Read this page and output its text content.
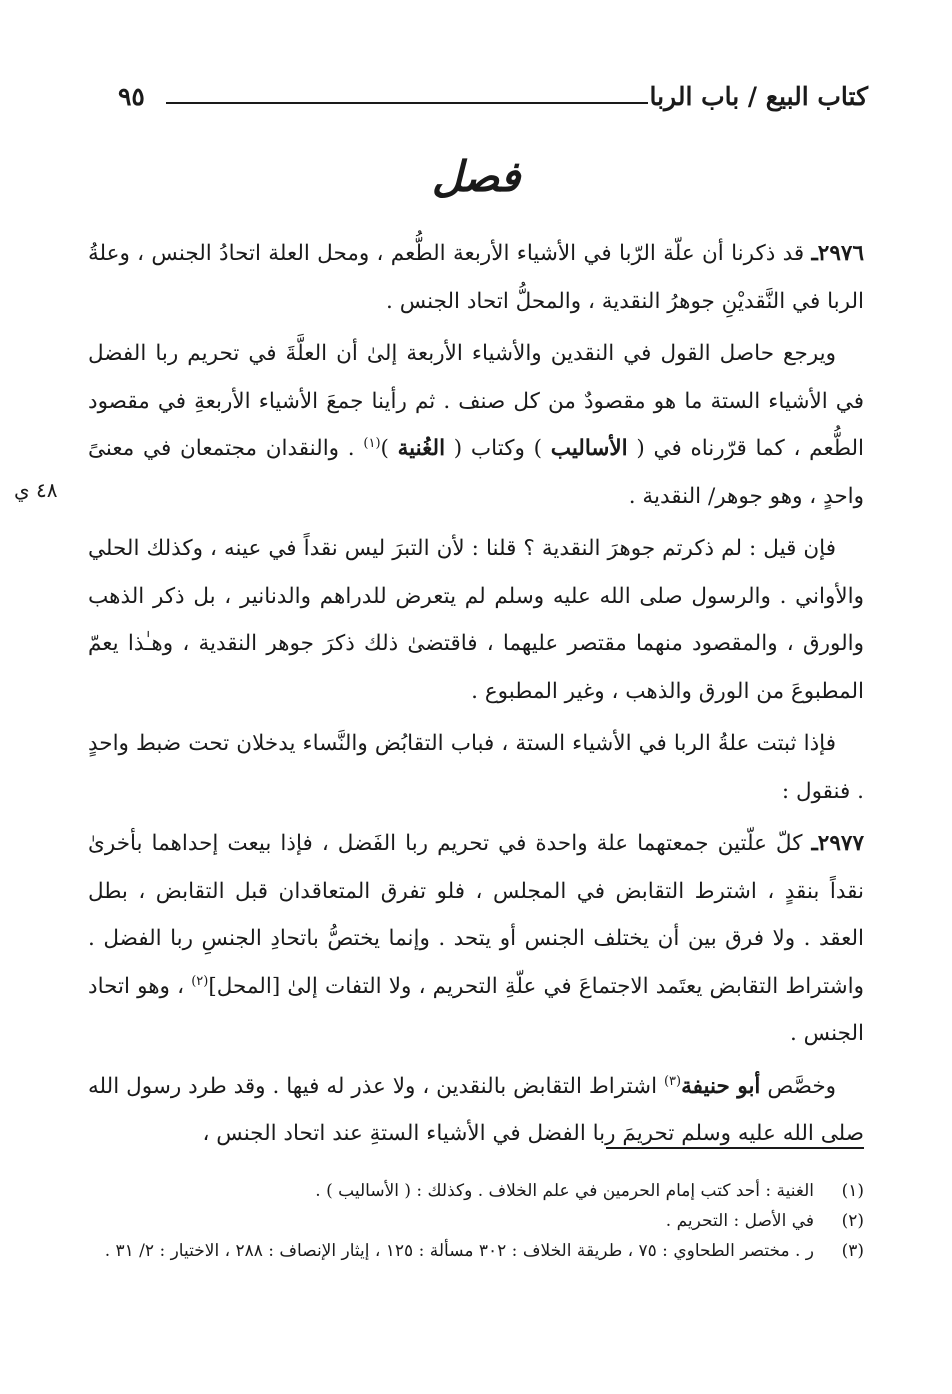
كتاب البيع / باب الربا
٩٥
فصل
٤٨ ي

٢٩٧٦ـ قد ذكرنا أن علّة الرّبا في الأشياء الأربعة الطُّعم ، ومحل العلة اتحادُ الجنس ، وعلةُ الربا في النَّقديْنِ جوهرُ النقدية ، والمحلُّ اتحاد الجنس .

ويرجع حاصل القول في النقدين والأشياء الأربعة إلىٰ أن العلَّةَ في تحريم ربا الفضل في الأشياء الستة ما هو مقصودٌ من كل صنف . ثم رأينا جمعَ الأشياء الأربعةِ في مقصود الطُّعم ، كما قرّرناه في ( الأساليب ) وكتاب ( الغُنية )$^{(١)}$ . والنقدان مجتمعان في معنىً واحدٍ ، وهو جوهر/ النقدية .

فإن قيل : لم ذكرتم جوهرَ النقدية ؟ قلنا : لأن التبرَ ليس نقداً في عينه ، وكذلك الحلي والأواني . والرسول صلى الله عليه وسلم لم يتعرض للدراهم والدنانير ، بل ذكر الذهب والورق ، والمقصود منهما مقتصر عليهما ، فاقتضىٰ ذلك ذكرَ جوهر النقدية ، وهـٰذا يعمّ المطبوعَ من الورق والذهب ، وغير المطبوع .

فإذا ثبتت علةُ الربا في الأشياء الستة ، فباب التقابُض والنَّساء يدخلان تحت ضبط واحدٍ . فنقول :

٢٩٧٧ـ كلّ علّتين جمعتهما علة واحدة في تحريم ربا الفَضل ، فإذا بيعت إحداهما بأخرىٰ نقداً بنقدٍ ، اشترط التقابض في المجلس ، فلو تفرق المتعاقدان قبل التقابض ، بطل العقد . ولا فرق بين أن يختلف الجنس أو يتحد . وإنما يختصُّ باتحادِ الجنسِ ربا الفضل . واشتراط التقابض يعتَمد الاجتماعَ في علّةِ التحريم ، ولا التفات إلىٰ [المحل]$^{(٢)}$ ، وهو اتحاد الجنس .

وخصَّص أبو حنيفة$^{(٣)}$ اشتراط التقابض بالنقدين ، ولا عذر له فيها . وقد طرد رسول الله صلى الله عليه وسلم تحريمَ ربا الفضل في الأشياء الستةِ عند اتحاد الجنس ،

(١)
الغنية : أحد كتب إمام الحرمين في علم الخلاف . وكذلك : ( الأساليب ) .
(٢)
في الأصل : التحريم .
(٣)
ر . مختصر الطحاوي : ٧٥ ، طريقة الخلاف : ٣٠٢ مسألة : ١٢٥ ، إيثار الإنصاف : ٢٨٨ ، الاختيار : ٢/ ٣١ .
